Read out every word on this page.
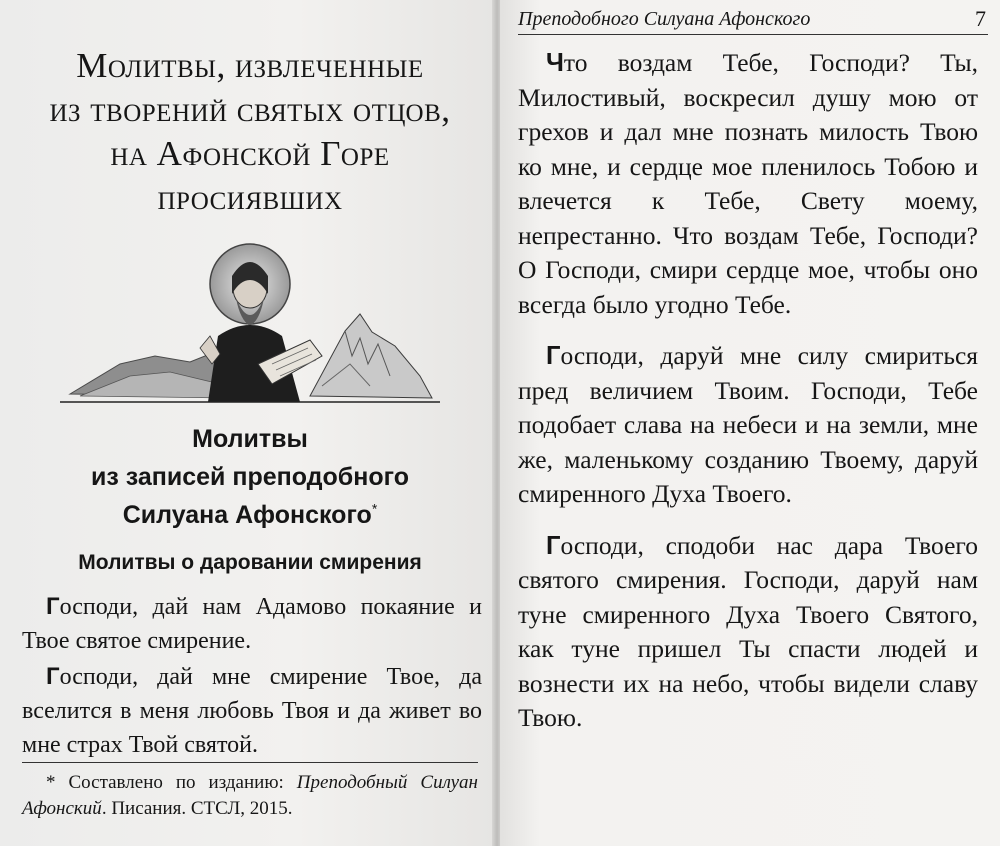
Молитвы, извлеченные
из творений святых отцов,
на Афонской Горе
просиявших
Молитвы
из записей преподобного
Силуана Афонского*
Молитвы о даровании смирения

Господи, дай нам Адамово покаяние и Твое святое смирение.

Господи, дай мне смирение Твое, да вселится в меня любовь Твоя и да живет во мне страх Твой святой.

* Составлено по изданию: Преподобный Силуан Афонский. Писания. СТСЛ, 2015.

Преподобного Силуана Афонского	7

Что воздам Тебе, Господи? Ты, Милостивый, воскресил душу мою от грехов и дал мне познать милость Твою ко мне, и сердце мое пленилось Тобою и влечется к Тебе, Свету моему, непрестанно. Что воздам Тебе, Господи? О Господи, смири сердце мое, чтобы оно всегда было угодно Тебе.

Господи, даруй мне силу смириться пред величием Твоим. Господи, Тебе подобает слава на небеси и на земли, мне же, маленькому созданию Твоему, даруй смиренного Духа Твоего.

Господи, сподоби нас дара Твоего святого смирения. Господи, даруй нам туне смиренного Духа Твоего Святого, как туне пришел Ты спасти людей и вознести их на небо, чтобы видели славу Твою.
